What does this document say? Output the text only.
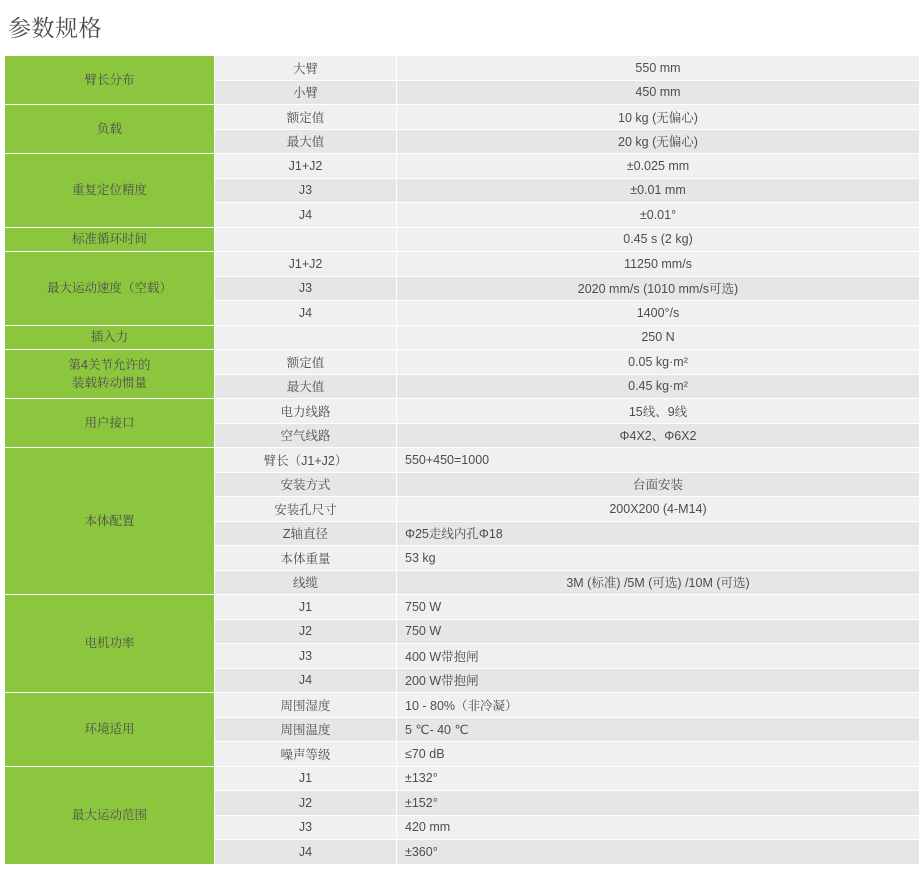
参数规格
臂长分布	大臂	550 mm
	小臂	450 mm

负载	额定值	10 kg (无偏心)
	最大值	20 kg (无偏心)

重复定位精度	J1+J2	±0.025 mm
	J3	±0.01 mm
	J4	±0.01°

标准循环时间		0.45 s (2 kg)

最大运动速度（空载）	J1+J2	11250 mm/s
	J3	2020 mm/s (1010 mm/s可选)
	J4	1400°/s

插入力		250 N

第4关节允许的
装载转动惯量	额定值	0.05 kg·m²
	最大值	0.45 kg·m²

用户接口	电力线路	15线、9线
	空气线路	Φ4X2、Φ6X2

本体配置	臂长（J1+J2）	550+450=1000
	安装方式	台面安装
	安装孔尺寸	200X200 (4-M14)
	Z轴直径	Φ25走线内孔Φ18
	本体重量	53 kg
	线缆	3M (标准) /5M (可选) /10M (可选)

电机功率	J1	750 W
	J2	750 W
	J3	400 W带抱闸
	J4	200 W带抱闸

环境适用	周围湿度	10 - 80%（非冷凝）
	周围温度	5 ℃- 40 ℃
	噪声等级	≤70 dB

最大运动范围	J1	±132°
	J2	±152°
	J3	420 mm
	J4	±360°
